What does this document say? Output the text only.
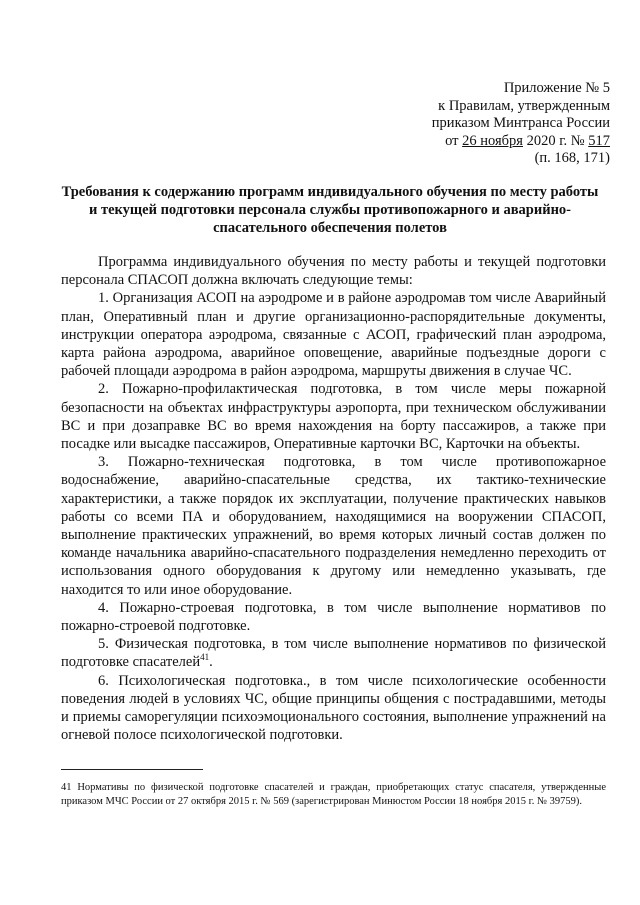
Приложение № 5
к Правилам, утвержденным
приказом Минтранса России
от 26 ноября 2020 г. № 517
(п. 168, 171)
Требования к содержанию программ индивидуального обучения по месту работы и текущей подготовки персонала службы противопожарного и аварийно-спасательного обеспечения полетов

Программа индивидуального обучения по месту работы и текущей подготовки персонала СПАСОП должна включать следующие темы:

1. Организация АСОП на аэродроме и в районе аэродромав том числе Аварийный план, Оперативный план и другие организационно-распорядительные документы, инструкции оператора аэродрома, связанные с АСОП, графический план аэродрома, карта района аэродрома, аварийное оповещение, аварийные подъездные дороги с рабочей площади аэродрома в район аэродрома, маршруты движения в случае ЧС.

2. Пожарно-профилактическая подготовка, в том числе меры пожарной безопасности на объектах инфраструктуры аэропорта, при техническом обслуживании ВС и при дозаправке ВС во время нахождения на борту пассажиров, а также при посадке или высадке пассажиров, Оперативные карточки ВС, Карточки на объекты.

3. Пожарно-техническая подготовка, в том числе противопожарное водоснабжение, аварийно-спасательные средства, их тактико-технические характеристики, а также порядок их эксплуатации, получение практических навыков работы со всеми ПА и оборудованием, находящимися на вооружении СПАСОП, выполнение практических упражнений, во время которых личный состав должен по команде начальника аварийно-спасательного подразделения немедленно переходить от использования одного оборудования к другому или немедленно указывать, где находится то или иное оборудование.

4. Пожарно-строевая подготовка, в том числе выполнение нормативов по пожарно-строевой подготовке.

5. Физическая подготовка, в том числе выполнение нормативов по физической подготовке спасателей$^{41}$.

6. Психологическая подготовка., в том числе психологические особенности поведения людей в условиях ЧС, общие принципы общения с пострадавшими, методы и приемы саморегуляции психоэмоционального состояния, выполнение упражнений на огневой полосе психологической подготовки.

41 Нормативы по физической подготовке спасателей и граждан, приобретающих статус спасателя, утвержденные приказом МЧС России от 27 октября 2015 г. № 569 (зарегистрирован Минюстом России 18 ноября 2015 г. № 39759).
